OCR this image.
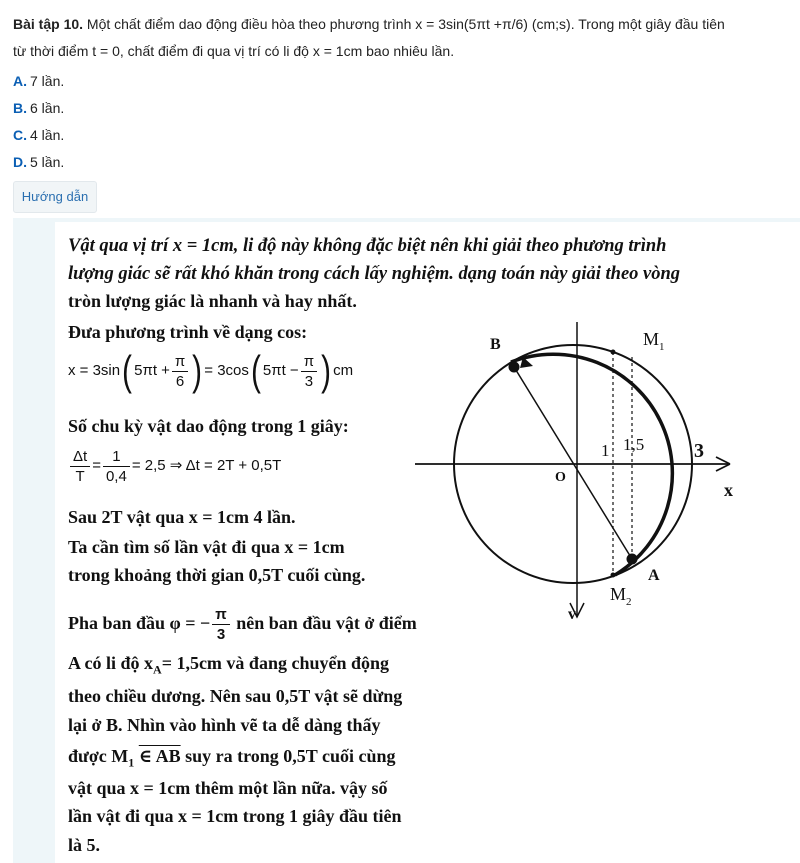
Bài tập 10. Một chất điểm dao động điều hòa theo phương trình x = 3sin(5πt +π/6) (cm;s). Trong một giây đầu tiên
từ thời điểm t = 0, chất điểm đi qua vị trí có li độ x = 1cm bao nhiêu lần.
A. 7 lần.
B. 6 lần.
C. 4 lần.
D. 5 lần.
Hướng dẫn
Vật qua vị trí x = 1cm, li độ này không đặc biệt nên khi giải theo phương trình
lượng giác sẽ rất khó khăn trong cách lấy nghiệm. dạng toán này giải theo vòng
tròn lượng giác là nhanh và hay nhất.
Đưa phương trình về dạng cos:
x = 3sin( $5\pi t + \frac{\pi}{6}$ ) = 3cos( $5\pi t - \frac{\pi}{3}$ ) cm
Số chu kỳ vật dao động trong 1 giây:
$\frac{\Delta t}{T} = \frac{1}{0,4} = 2,5$ ⇒ Δt = 2T + 0,5T
Sau 2T vật qua x = 1cm 4 lần.
Ta cần tìm số lần vật đi qua x = 1cm
trong khoảng thời gian 0,5T cuối cùng.
Pha ban đầu φ = − $\frac{\pi}{3}$ nên ban đầu vật ở điểm
A có li độ $x_A= 1,5cm$ và đang chuyển động
theo chiều dương. Nên sau 0,5T vật sẽ dừng
lại ở B. Nhìn vào hình vẽ ta dễ dàng thấy
được $M_1$ ∈ AB suy ra trong 0,5T cuối cùng
vật qua x = 1cm thêm một lần nữa. vậy số
lần vật đi qua x = 1cm trong 1 giây đầu tiên
là 5.
$M_1$
$M_2$
B
A
O
1 1,5 3
x
v
